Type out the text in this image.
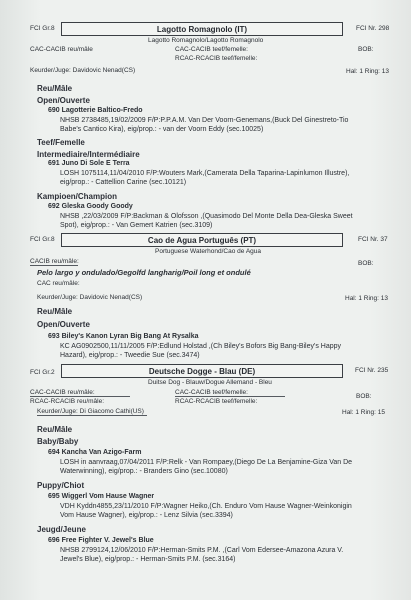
FCI Gr.8	Lagotto Romagnolo (IT)	FCI Nr. 298
Lagotto Romagnolo/Lagotto Romagnolo
CAC-CACIB reu/mâle	CAC-CACIB teef/femelle:
RCAC-RCACIB teef/femelle:
BOB:
Keurder/Juge: Davidovic Nenad(CS)	Hal: 1 Ring: 13
Reu/Mâle
Open/Ouverte
690 Lagotterie Baltico-Fredo
NHSB 2738485,19/02/2009 F/P:P.P.A.M. Van Der Voorn-Genemans,(Buck Del Ginestreto-Tio
Babe's Cantico Kira), eig/prop.: - van der Voorn Eddy (sec.10025)
Teef/Femelle
Intermediaire/Intermédiaire
691 Juno Di Sole E Terra
LOSH 1075114,11/04/2010 F/P:Wouters Mark,(Camerata Della Taparina-Lapinlumon Illustre),
eig/prop.: - Cattellion Carine (sec.10121)
Kampioen/Champion
692 Gleska Goody Goody
NHSB ,22/03/2009 F/P:Backman & Olofsson ,(Quasimodo Del Monte Della Dea-Gleska Sweet
Spot), eig/prop.: - Van Gemert Katrien (sec.3109)
FCI Gr.8	Cao de Agua Português (PT)	FCI Nr. 37
Portuguese Waterhond/Cao de Agua
CACIB reu/mâle:	BOB:
Pelo largo y ondulado/Gegolfd langharig/Poil long et ondulé
CAC reu/mâle:
Keurder/Juge: Davidovic Nenad(CS)	Hal: 1 Ring: 13
Reu/Mâle
Open/Ouverte
693 Biley's Kanon Lyran Big Bang At Rysalka
KC AG0902500,11/11/2005 F/P:Edlund Holstad ,(Ch Biley's Bofors Big Bang-Biley's Happy
Hazard), eig/prop.: - Tweedie Sue (sec.3474)
FCI Gr.2	Deutsche Dogge - Blau (DE)	FCI Nr. 235
Duitse Dog - Blauw/Dogue Allemand - Bleu
CAC-CACIB reu/mâle:
RCAC-RCACIB reu/mâle:
CAC-CACIB teef/femelle:
RCAC-RCACIB teef/femelle:
BOB:
Keurder/Juge: Di Giacomo Cathi(US)	Hal: 1 Ring: 15
Reu/Mâle
Baby/Baby
694 Kancha Van Azigo-Farm
LOSH in aanvraag,07/04/2011 F/P:Relk - Van Rompaey,(Diego De La Benjamine-Giza Van De
Waterwinning), eig/prop.: - Branders Gino (sec.10080)
Puppy/Chiot
695 Wiggerl Vom Hause Wagner
VDH Kyddn4855,23/11/2010 F/P:Wagner Heiko,(Ch. Enduro Vom Hause Wagner-Weinkonigin
Vom Hause Wagner), eig/prop.: - Lenz Silvia (sec.3394)
Jeugd/Jeune
696 Free Fighter V. Jewel's Blue
NHSB 2799124,12/06/2010 F/P:Herman-Smits P.M. ,(Carl Vom Edersee-Amazona Azura V.
Jewel's Blue), eig/prop.: - Herman-Smits P.M. (sec.3164)
